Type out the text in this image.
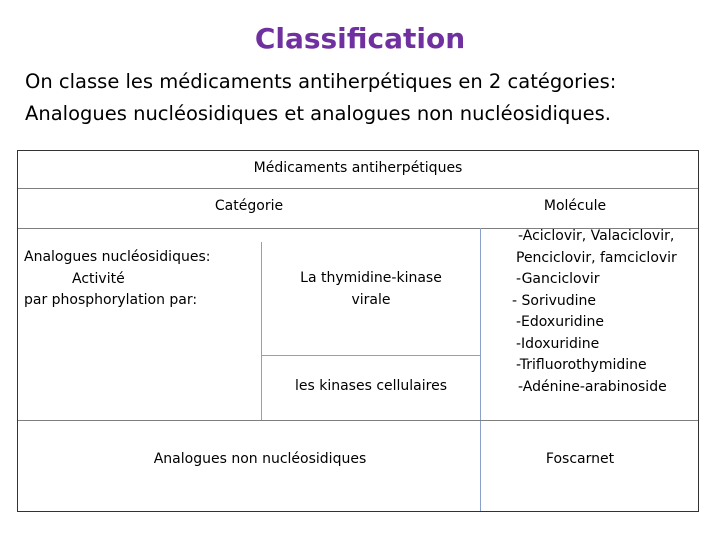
Classification
On classe les médicaments antiherpétiques en 2 catégories:
Analogues nucléosidiques et analogues non nucléosidiques.
Médicaments antiherpétiques
Catégorie	Molécule
Analogues nucléosidiques:
Activité
par phosphorylation par:
La thymidine-kinase
virale
les kinases cellulaires
-Aciclovir, Valaciclovir,
Penciclovir, famciclovir
-Ganciclovir
- Sorivudine
-Edoxuridine
-Idoxuridine
-Trifluorothymidine
-Adénine-arabinoside
Analogues non nucléosidiques	Foscarnet
